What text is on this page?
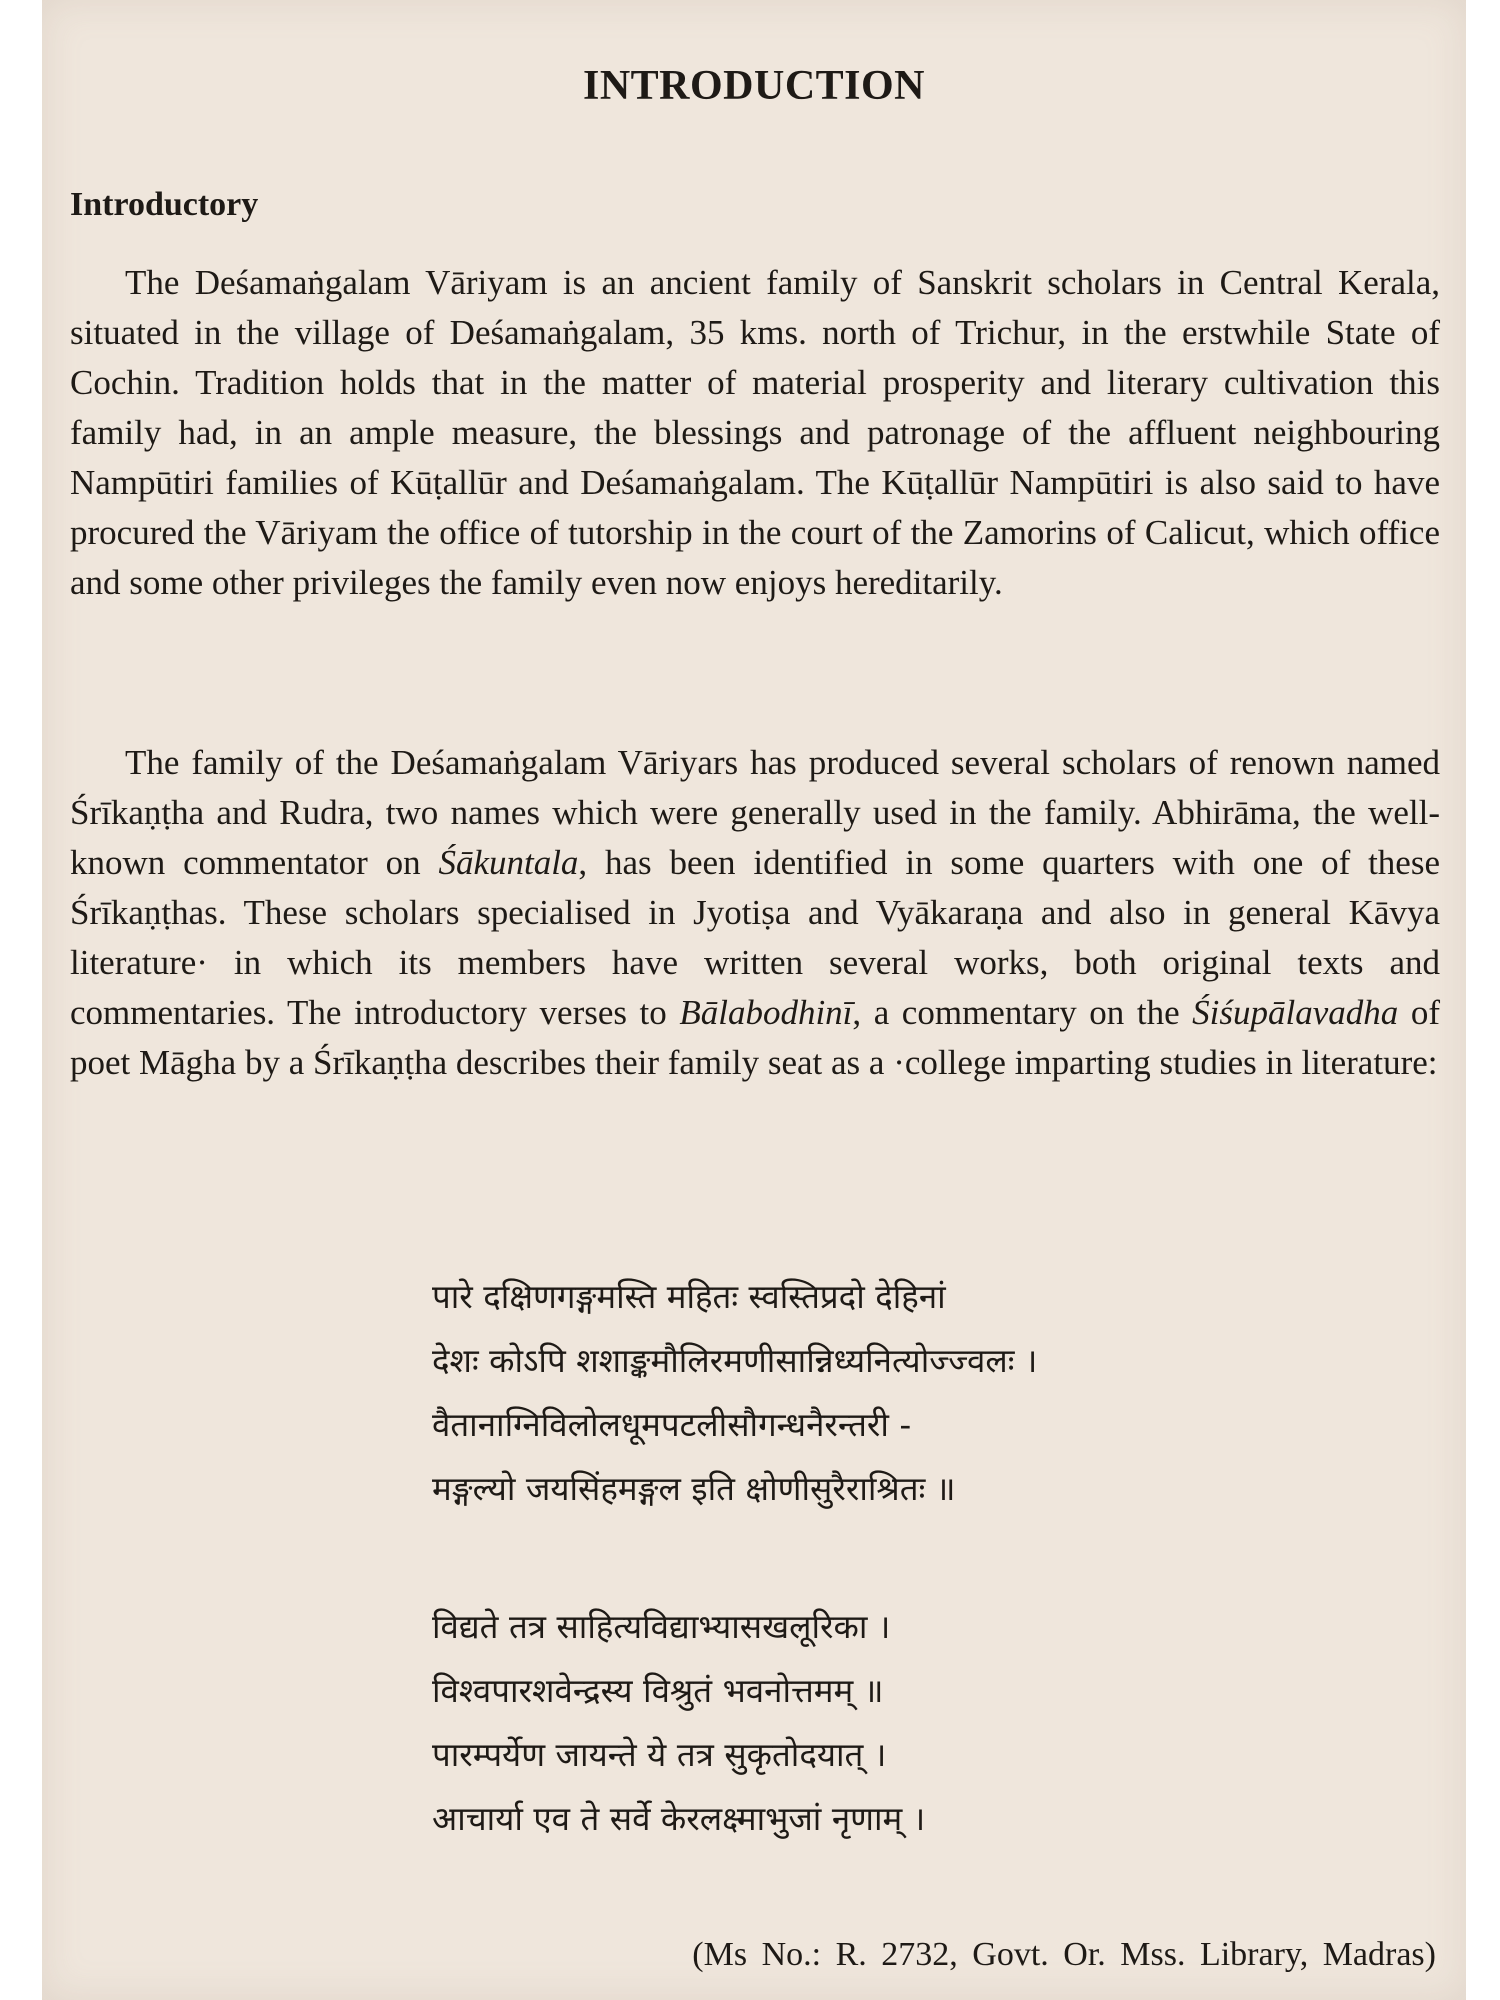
INTRODUCTION
Introductory

The Deśamaṅgalam Vāriyam is an ancient family of Sanskrit scholars in Central Kerala, situated in the village of Deśamaṅgalam, 35 kms. north of Trichur, in the erstwhile State of Cochin. Tradition holds that in the matter of material prosperity and literary cultivation this family had, in an ample measure, the blessings and patronage of the affluent neighbouring Nampūtiri families of Kūṭallūr and Deśamaṅgalam. The Kūṭallūr Nampūtiri is also said to have procured the Vāriyam the office of tutorship in the court of the Zamorins of Calicut, which office and some other privileges the family even now enjoys hereditarily.

The family of the Deśamaṅgalam Vāriyars has produced several scholars of renown named Śrīkaṇṭha and Rudra, two names which were generally used in the family. Abhirāma, the well-known commentator on Śākuntala, has been identified in some quarters with one of these Śrīkaṇṭhas. These scholars specialised in Jyotiṣa and Vyākaraṇa and also in general Kāvya literature· in which its members have written several works, both original texts and commentaries. The introductory verses to Bālabodhinī, a commentary on the Śiśupālavadha of poet Māgha by a Śrīkaṇṭha describes their family seat as a ·college imparting studies in literature:

पारे दक्षिणगङ्गमस्ति महितः स्वस्तिप्रदो देहिनां
देशः कोऽपि शशाङ्कमौलिरमणीसान्निध्यनित्योज्ज्वलः ।
वैतानाग्निविलोलधूमपटलीसौगन्धनैरन्तरी -
मङ्गल्यो जयसिंहमङ्गल इति क्षोणीसुरैराश्रितः ॥
विद्यते तत्र साहित्यविद्याभ्यासखलूरिका ।
विश्वपारशवेन्द्रस्य विश्रुतं भवनोत्तमम् ॥
पारम्पर्येण जायन्ते ये तत्र सुकृतोदयात् ।
आचार्या एव ते सर्वे केरलक्ष्माभुजां नृणाम् ।
(Ms No.: R. 2732, Govt. Or. Mss. Library, Madras)
